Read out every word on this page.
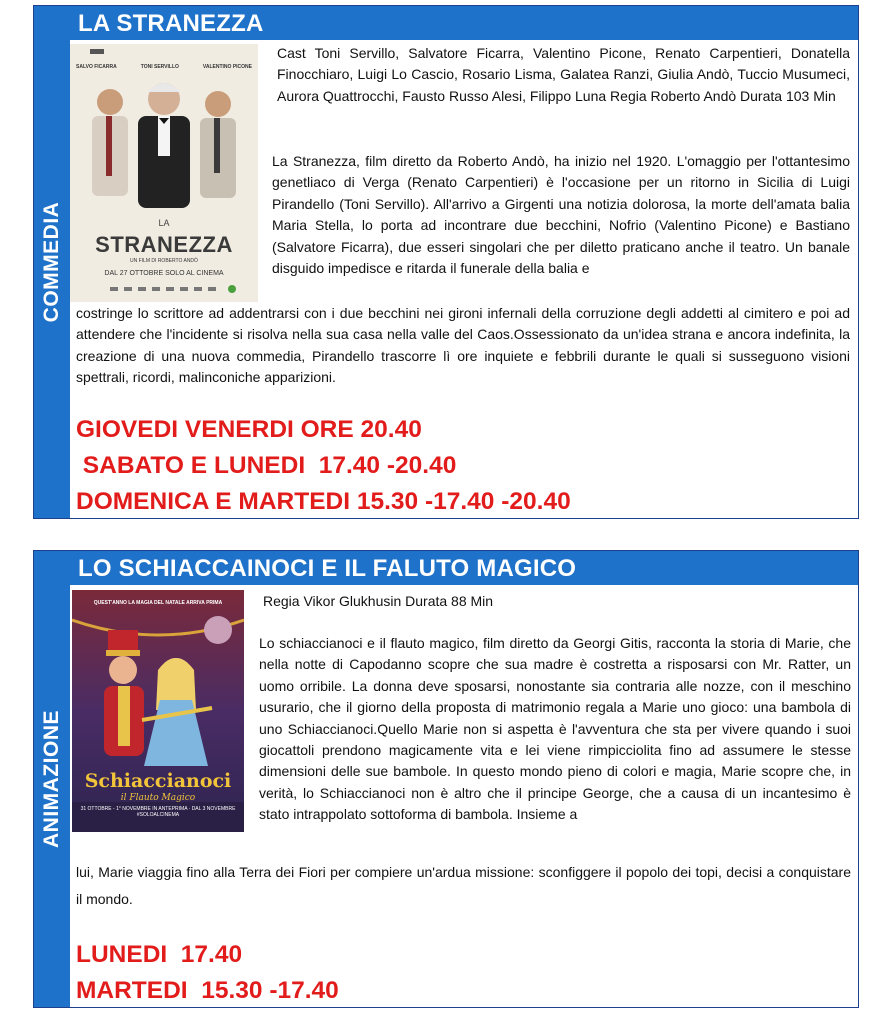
COMMEDIA
LA STRANEZZA
SALVO FICARRA	TONI SERVILLO	VALENTINO PICONE
LA
STRANEZZA
UN FILM DI ROBERTO ANDÒ
DAL 27 OTTOBRE SOLO AL CINEMA
Cast Toni Servillo, Salvatore Ficarra, Valentino Picone, Renato Carpentieri, Donatella Finocchiaro, Luigi Lo Cascio, Rosario Lisma, Galatea Ranzi, Giulia Andò, Tuccio Musumeci, Aurora Quattrocchi, Fausto Russo Alesi, Filippo Luna Regia Roberto Andò Durata 103 Min
La Stranezza, film diretto da Roberto Andò, ha inizio nel 1920. L'omaggio per l'ottantesimo genetliaco di Verga (Renato Carpentieri) è l'occasione per un ritorno in Sicilia di Luigi Pirandello (Toni Servillo). All'arrivo a Girgenti una notizia dolorosa, la morte dell'amata balia Maria Stella, lo porta ad incontrare due becchini, Nofrio (Valentino Picone) e Bastiano (Salvatore Ficarra), due esseri singolari che per diletto praticano anche il teatro. Un banale disguido impedisce e ritarda il funerale della balia e
costringe lo scrittore ad addentrarsi con i due becchini nei gironi infernali della corruzione degli addetti al cimitero e poi ad attendere che l'incidente si risolva nella sua casa nella valle del Caos.Ossessionato da un'idea strana e ancora indefinita, la creazione di una nuova commedia, Pirandello trascorre lì ore inquiete e febbrili durante le quali si susseguono visioni spettrali, ricordi, malinconiche apparizioni.
GIOVEDI VENERDI ORE 20.40
SABATO E LUNEDI  17.40 -20.40
DOMENICA E MARTEDI 15.30 -17.40 -20.40
ANIMAZIONE
LO SCHIACCAINOCI E IL FALUTO MAGICO
QUEST'ANNO LA MAGIA DEL NATALE ARRIVA PRIMA
Schiaccianoci
il Flauto Magico
31 OTTOBRE - 1° NOVEMBRE IN ANTEPRIMA · DAL 3 NOVEMBRE #SOLOALCINEMA
Regia Vikor Glukhusin Durata 88 Min
Lo schiaccianoci e il flauto magico, film diretto da Georgi Gitis, racconta la storia di Marie, che nella notte di Capodanno scopre che sua madre è costretta a risposarsi con Mr. Ratter, un uomo orribile. La donna deve sposarsi, nonostante sia contraria alle nozze, con il meschino usurario, che il giorno della proposta di matrimonio regala a Marie uno gioco: una bambola di uno Schiaccianoci.Quello Marie non si aspetta è l'avventura che sta per vivere quando i suoi giocattoli prendono magicamente vita e lei viene rimpicciolita fino ad assumere le stesse dimensioni delle sue bambole. In questo mondo pieno di colori e magia, Marie scopre che, in verità, lo Schiaccianoci non è altro che il principe George, che a causa di un incantesimo è stato intrappolato sottoforma di bambola. Insieme a
lui, Marie viaggia fino alla Terra dei Fiori per compiere un'ardua missione: sconfiggere il popolo dei topi, decisi a conquistare il mondo.
LUNEDI  17.40
MARTEDI  15.30 -17.40
